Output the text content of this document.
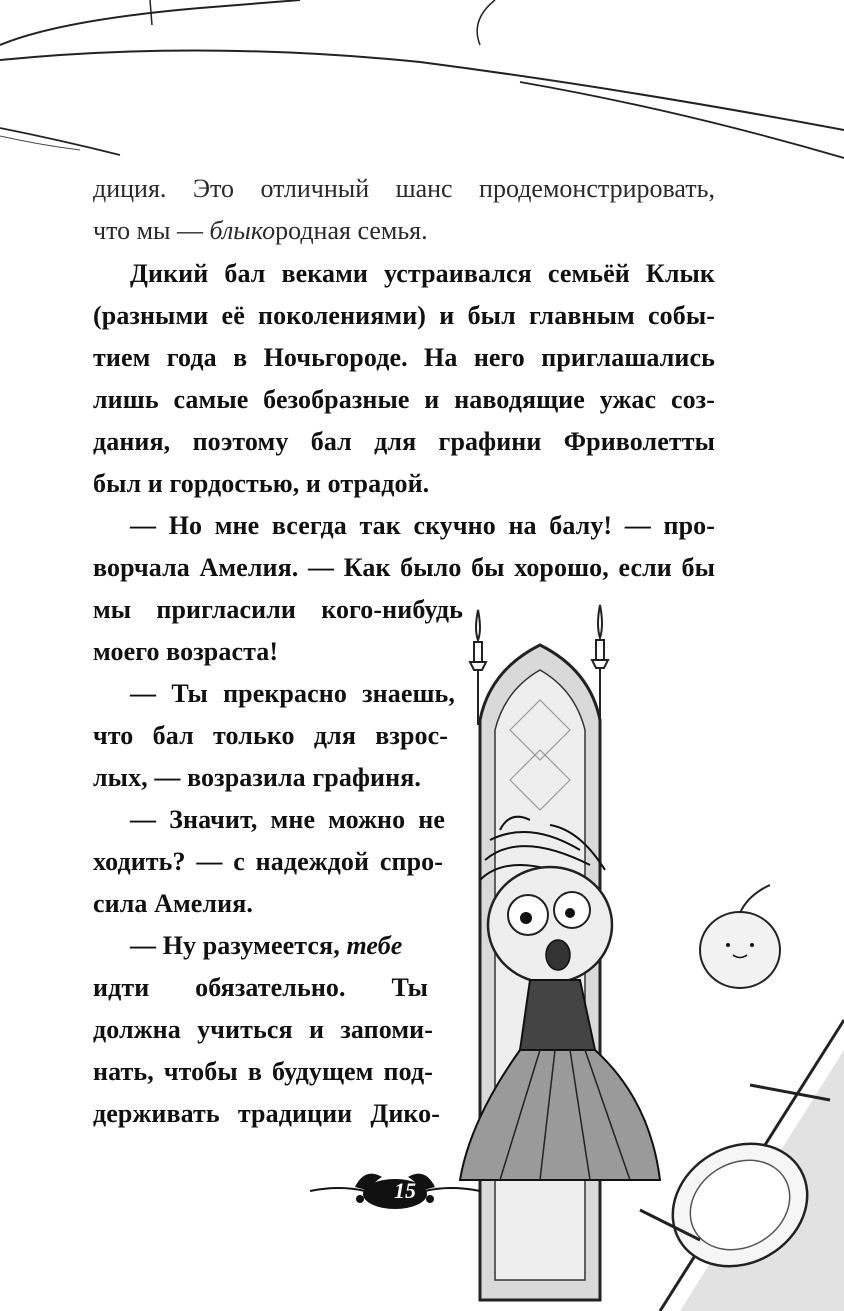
диция. Это отличный шанс продемонстрировать,
что мы — блыкородная семья.
Дикий бал веками устраивался семьёй Клык
(разными её поколениями) и был главным собы-
тием года в Ночьгороде. На него приглашались
лишь самые безобразные и наводящие ужас соз-
дания, поэтому бал для графини Фриволетты
был и гордостью, и отрадой.
— Но мне всегда так скучно на балу! — про-
ворчала Амелия. — Как было бы хорошо, если бы
мы пригласили кого-нибудь
моего возраста!
— Ты прекрасно знаешь,
что бал только для взрос-
лых, — возразила графиня.
— Значит, мне можно не
ходить? — с надеждой спро-
сила Амелия.
— Ну разумеется, тебе
идти обязательно. Ты
должна учиться и запоми-
нать, чтобы в будущем под-
держивать традиции Дико-
15
